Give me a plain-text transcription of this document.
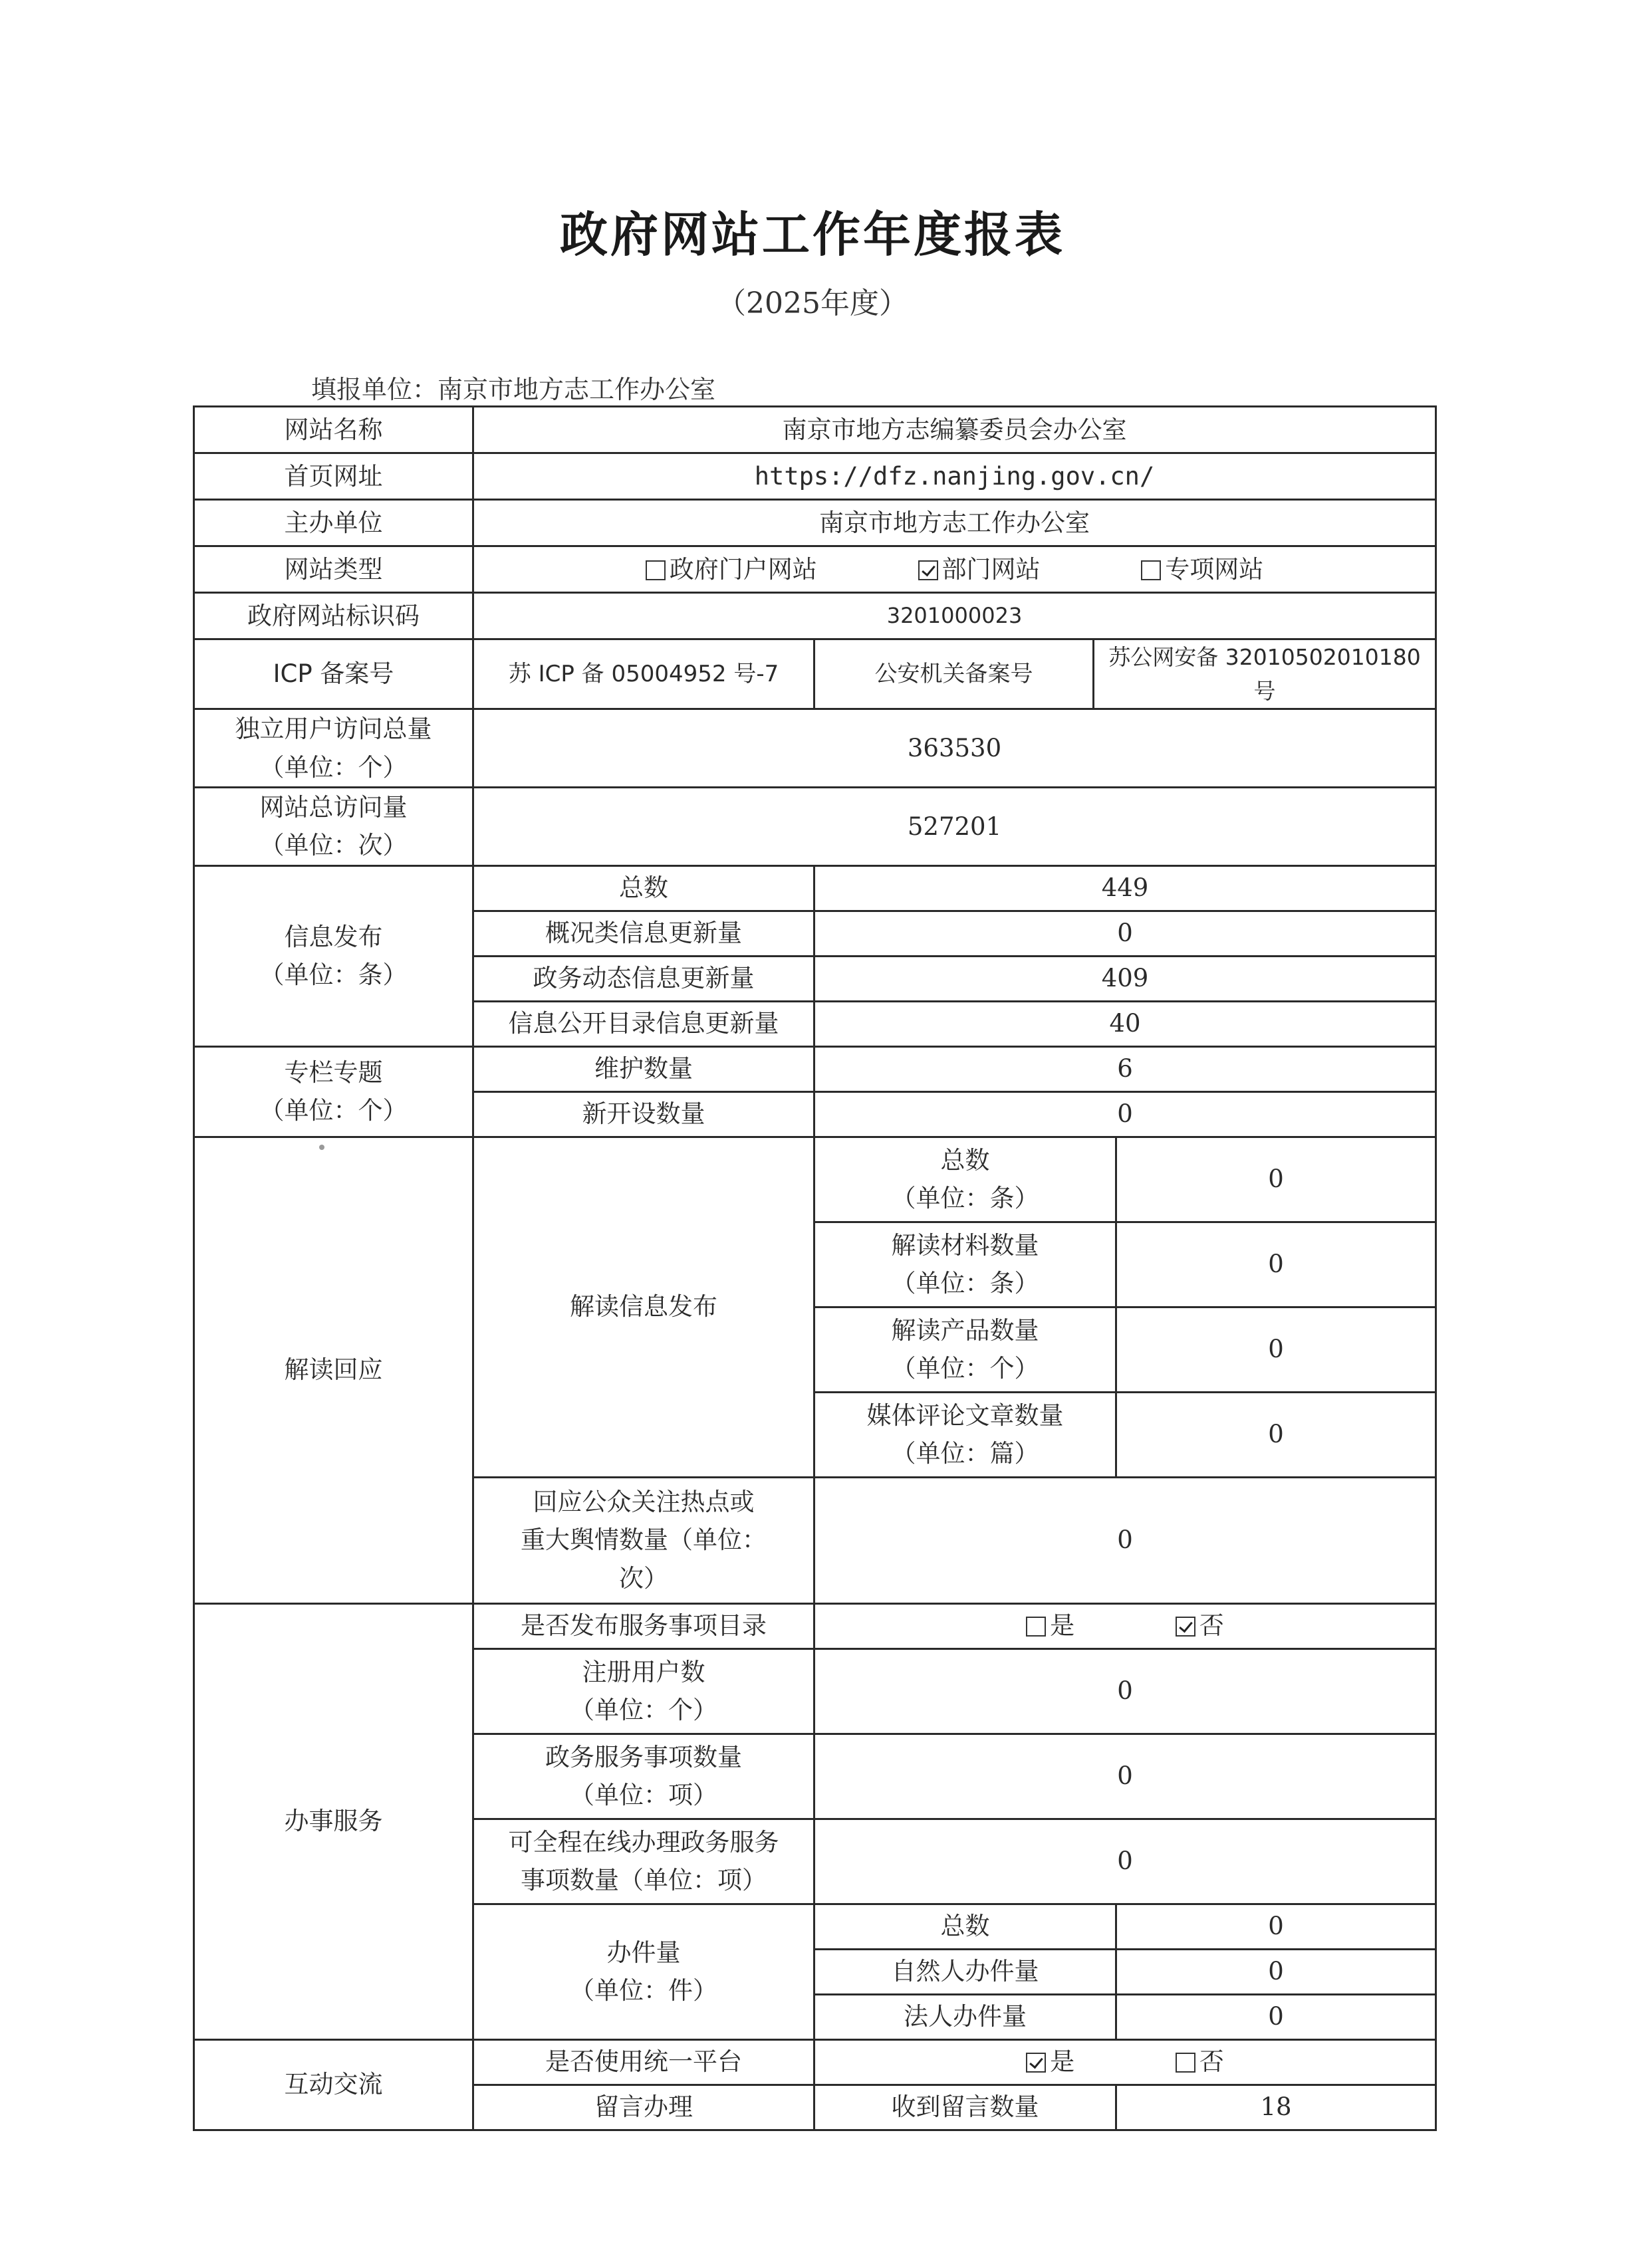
政府网站工作年度报表
（2025年度）
填报单位：南京市地方志工作办公室
网站名称	南京市地方志编纂委员会办公室			
首页网址	https://dfz.nanjing.gov.cn/			
主办单位	南京市地方志工作办公室			
网站类型	政府门户网站 部门网站 专项网站			
政府网站标识码	3201000023			
ICP 备案号	苏 ICP 备 05004952 号-7	公安机关备案号	苏公网安备 32010502010180 号	

独立用户访问总量
（单位：个）	363530			

网站总访问量
（单位：次）	527201			

信息发布
（单位：条）	总数	449		
	概况类信息更新量	0		
	政务动态信息更新量	409		
	信息公开目录信息更新量	40		

专栏专题
（单位：个）	维护数量	6		
	新开设数量	0		
解读回应	解读信息发布	总数
（单位：条）		0

		解读材料数量
（单位：条）		0

		解读产品数量
（单位：个）		0

		媒体评论文章数量
（单位：篇）		0

	回应公众关注热点或
重大舆情数量（单位：
次）	0		
办事服务	是否发布服务事项目录	是 否		

	注册用户数
（单位：个）	0		

	政务服务事项数量
（单位：项）	0		

	可全程在线办理政务服务
事项数量（单位：项）	0		

	办件量
（单位：件）	总数		0
		自然人办件量		0
		法人办件量		0
互动交流	是否使用统一平台	是 否		
	留言办理	收到留言数量		18
